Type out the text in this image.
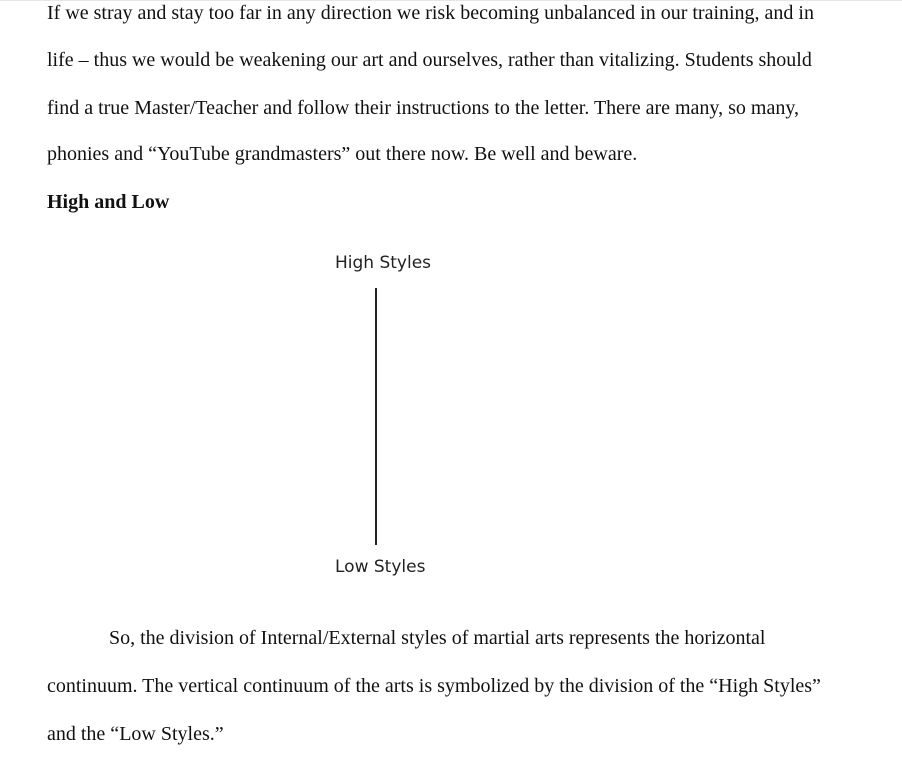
If we stray and stay too far in any direction we risk becoming unbalanced in our training, and in

life – thus we would be weakening our art and ourselves, rather than vitalizing. Students should

find a true Master/Teacher and follow their instructions to the letter. There are many, so many,

phonies and “YouTube grandmasters” out there now. Be well and beware.

High and Low
High Styles
Low Styles

So, the division of Internal/External styles of martial arts represents the horizontal

continuum. The vertical continuum of the arts is symbolized by the division of the “High Styles”

and the “Low Styles.”
